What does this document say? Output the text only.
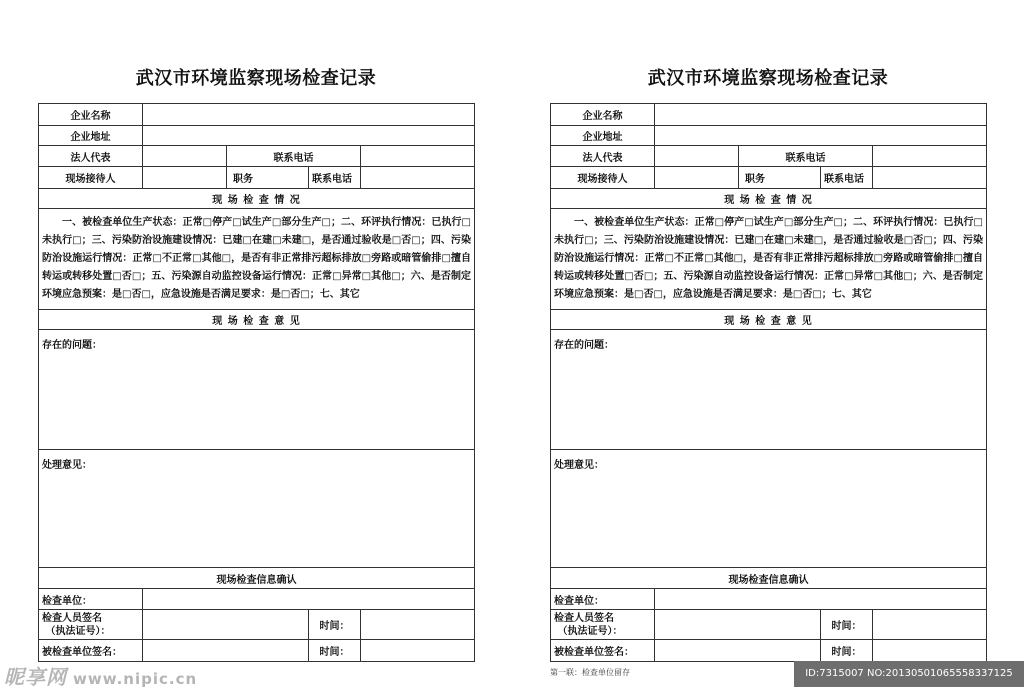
武汉市环境监察现场检查记录
企业名称				
企业地址				
法人代表		联系电话		
现场接待人		职务	联系电话	
现 场 检 查 情 况				
一、被检查单位生产状态：正常□停产□试生产□部分生产□；二、环评执行情况：已执行□未执行□；三、污染防治设施建设情况：已建□在建□未建□，是否通过验收是□否□；四、污染防治设施运行情况：正常□不正常□其他□，是否有非正常排污超标排放□旁路或暗管偷排□擅自转运或转移处置□否□；五、污染源自动监控设备运行情况：正常□异常□其他□；六、是否制定环境应急预案：是□否□，应急设施是否满足要求：是□否□；七、其它				
现 场 检 查 意 见				
存在的问题：				
处理意见：				
现场检查信息确认				
检查单位：				
检查人员签名
（执法证号）：			时间：	
被检查单位签名：			时间：	
武汉市环境监察现场检查记录
企业名称				
企业地址				
法人代表		联系电话		
现场接待人		职务	联系电话	
现 场 检 查 情 况				
一、被检查单位生产状态：正常□停产□试生产□部分生产□；二、环评执行情况：已执行□未执行□；三、污染防治设施建设情况：已建□在建□未建□，是否通过验收是□否□；四、污染防治设施运行情况：正常□不正常□其他□，是否有非正常排污超标排放□旁路或暗管偷排□擅自转运或转移处置□否□；五、污染源自动监控设备运行情况：正常□异常□其他□；六、是否制定环境应急预案：是□否□，应急设施是否满足要求：是□否□；七、其它				
现 场 检 查 意 见				
存在的问题：				
处理意见：				
现场检查信息确认				
检查单位：				
检查人员签名
（执法证号）：			时间：	
被检查单位签名：			时间：	
第一联：检查单位留存
昵享网 www.nipic.cn	ID:7315007 NO:20130501065558337125
